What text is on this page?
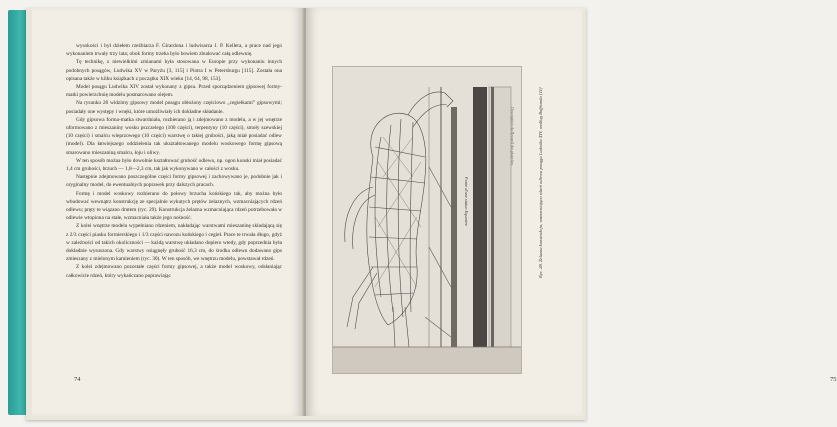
wysokości i był dziełem rzeźbiarza F. Girardona i ludwisarza J. P. Kellera, a prace nad jego wykonaniem trwały trzy lata; obok formy trzeba było bowiem zbudować całą odlewnię.

Tę technikę, z niewielkimi zmianami była stosowana w Europie przy wykonaniu innych podobnych posągów, Ludwika XV w Paryżu [3, 115] i Piotra I w Petersburgu [115]. Została ona opisana także w kilku książkach z początku XIX wieku [14, 64, 98, 153].

Model posągu Ludwika XIV został wykonany z gipsu. Przed sporządzeniem gipsowej formy-matki powierzchnię modelu posmarowano olejem.

Na rysunku 28 widzimy gipsowy model posągu obłożony częściowo „cegiełkami” gipsowymi; posiadały one występy i wnęki, które umożliwiały ich dokładne składanie.

Gdy gipsowa forma-matka stwardniała, rozbierano ją i zdejmowano z modelu, a w jej wnętrze uformowano z mieszaniny wosku pszczelego (100 części), terpentyny (10 części), smoły szewskiej (10 części) i smalcu wieprzowego (10 części) warstwę o takiej grubości, jaką miał posiadać odlew (model). Dla łatwiejszego oddzielenia tak ukształtowanego modelu woskowego formę gipsową smarowano mieszaniną smalcu, łoju i oliwy.

W ten sposób można było dowolnie kształtować grubość odlewu, np. ogon konski miał posiadać 1,4 cm grubości, brzuch — 1,8—2,3 cm, tak jak wykonywano w całości z wosku.

Następnie zdejmowano poszczególne części formy gipsowej i zachowywano je, podobnie jak i oryginalny model, do ewentualnych poprawek przy dalszych pracach.

Formę i model woskowy rozbierano do połowy brzucha końskiego tak, aby można było wbudować wewnątrz konstrukcję ze specjalnie wykutych prętów żelaznych, wzmacniających rdzeń odlewu; pręty te wiązano drutem (ryc. 29). Konstrukcja żelazna wzmacniająca rdzeń potrzebowała w odlewie wtopiona na stałe, wzmacniała także jego nośność.

Z kolei wnętrze modelu wypełniano rdzeniem, nakładając warstwami mieszaninę składającą się z 2/3 części piasku formierskiego i 1/3 części nawozu końskiego i cegieł. Prace te trwała długo, gdyż w zależności od takich okoliczności — każdą warstwę układano dopiero wtedy, gdy poprzednia była dokładnie wysuszona. Gdy warstwy osiągnęły grubość 16,3 cm, do środka odlewu dodawano gips zmieszany z mielonym kamieniem (ryc. 30). W ten sposób, we wnętrzu modelu, powstawał rdzeń.

Z kolei zdejmowano pozostałe części formy gipsowej, a także model woskowy, odsłaniając całkowicie rdzeń, który wykańczano poprawiając

74
Description du Recueil des planches
Fonte d'une statue Equestre	Ryc. 28. Żelazna konstrukcja, wzmacniająca rdzeń odlewu posągu Ludwika XIV, według Boffranda [11]
75
